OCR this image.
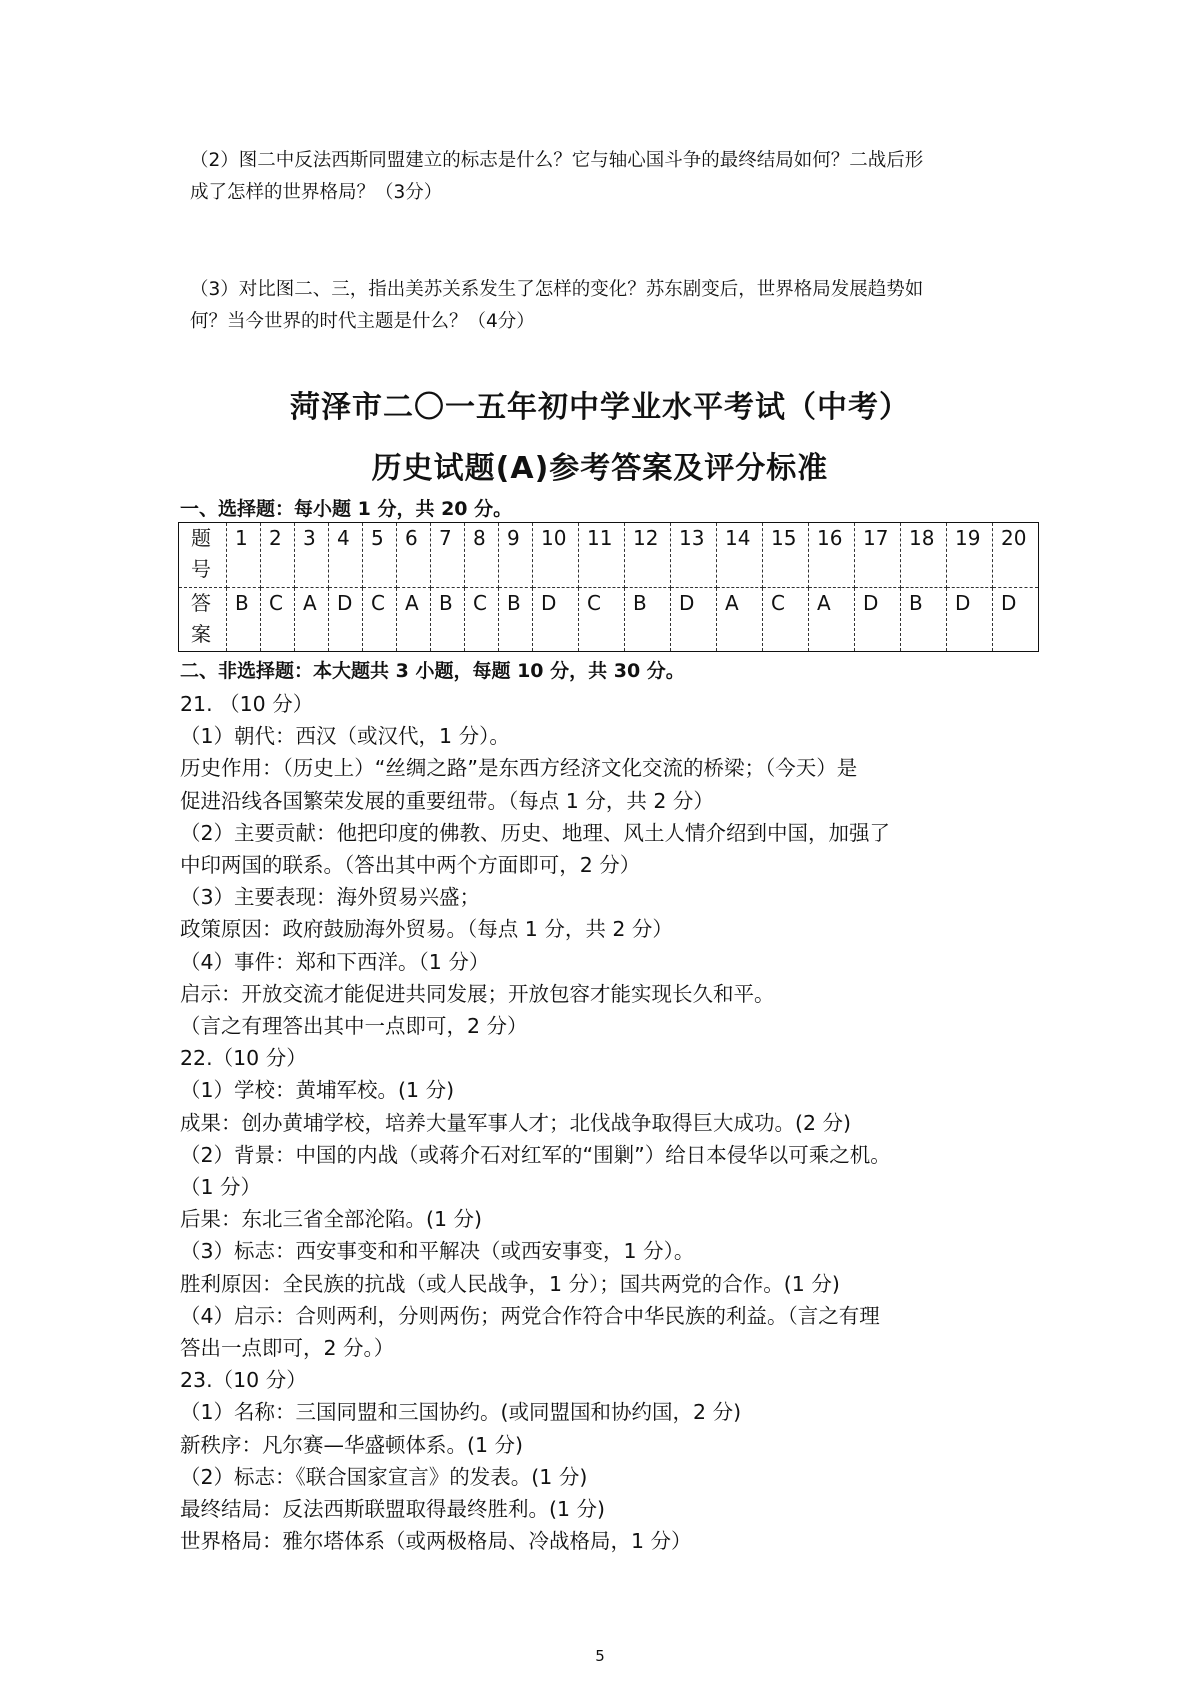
（2）图二中反法西斯同盟建立的标志是什么？它与轴心国斗争的最终结局如何？二战后形
成了怎样的世界格局？（3分）
（3）对比图二、三，指出美苏关系发生了怎样的变化？苏东剧变后，世界格局发展趋势如
何？当今世界的时代主题是什么？（4分）
菏泽市二〇一五年初中学业水平考试（中考）
历史试题(A)参考答案及评分标准
一、选择题：每小题 1 分，共 20 分。
题号	1	2	3	4	5	6	7	8	9	10	11	12	13	14	15	16	17	18	19	20
答案	B	C	A	D	C	A	B	C	B	D	C	B	D	A	C	A	D	B	D	D
二、非选择题：本大题共 3 小题，每题 10 分，共 30 分。
21. （10 分）
（1）朝代：西汉（或汉代，1 分）。
历史作用：（历史上）“丝绸之路”是东西方经济文化交流的桥梁；（今天）是
促进沿线各国繁荣发展的重要纽带。（每点 1 分，共 2 分）
（2）主要贡献：他把印度的佛教、历史、地理、风土人情介绍到中国，加强了
中印两国的联系。（答出其中两个方面即可，2 分）
（3）主要表现：海外贸易兴盛；
政策原因：政府鼓励海外贸易。（每点 1 分，共 2 分）
（4）事件：郑和下西洋。（1 分）
启示：开放交流才能促进共同发展；开放包容才能实现长久和平。
（言之有理答出其中一点即可，2 分）
22.（10 分）
（1）学校：黄埔军校。(1 分)
成果：创办黄埔学校，培养大量军事人才；北伐战争取得巨大成功。(2 分)
（2）背景：中国的内战（或蒋介石对红军的“围剿”）给日本侵华以可乘之机。
（1 分）
后果：东北三省全部沦陷。(1 分)
（3）标志：西安事变和和平解决（或西安事变，1 分）。
胜利原因：全民族的抗战（或人民战争，1 分）；国共两党的合作。(1 分)
（4）启示：合则两利，分则两伤；两党合作符合中华民族的利益。（言之有理
答出一点即可，2 分。）
23.（10 分）
（1）名称：三国同盟和三国协约。(或同盟国和协约国，2 分)
新秩序：凡尔赛—华盛顿体系。(1 分)
（2）标志：《联合国家宣言》的发表。(1 分)
最终结局：反法西斯联盟取得最终胜利。(1 分)
世界格局：雅尔塔体系（或两极格局、冷战格局，1 分）
5
